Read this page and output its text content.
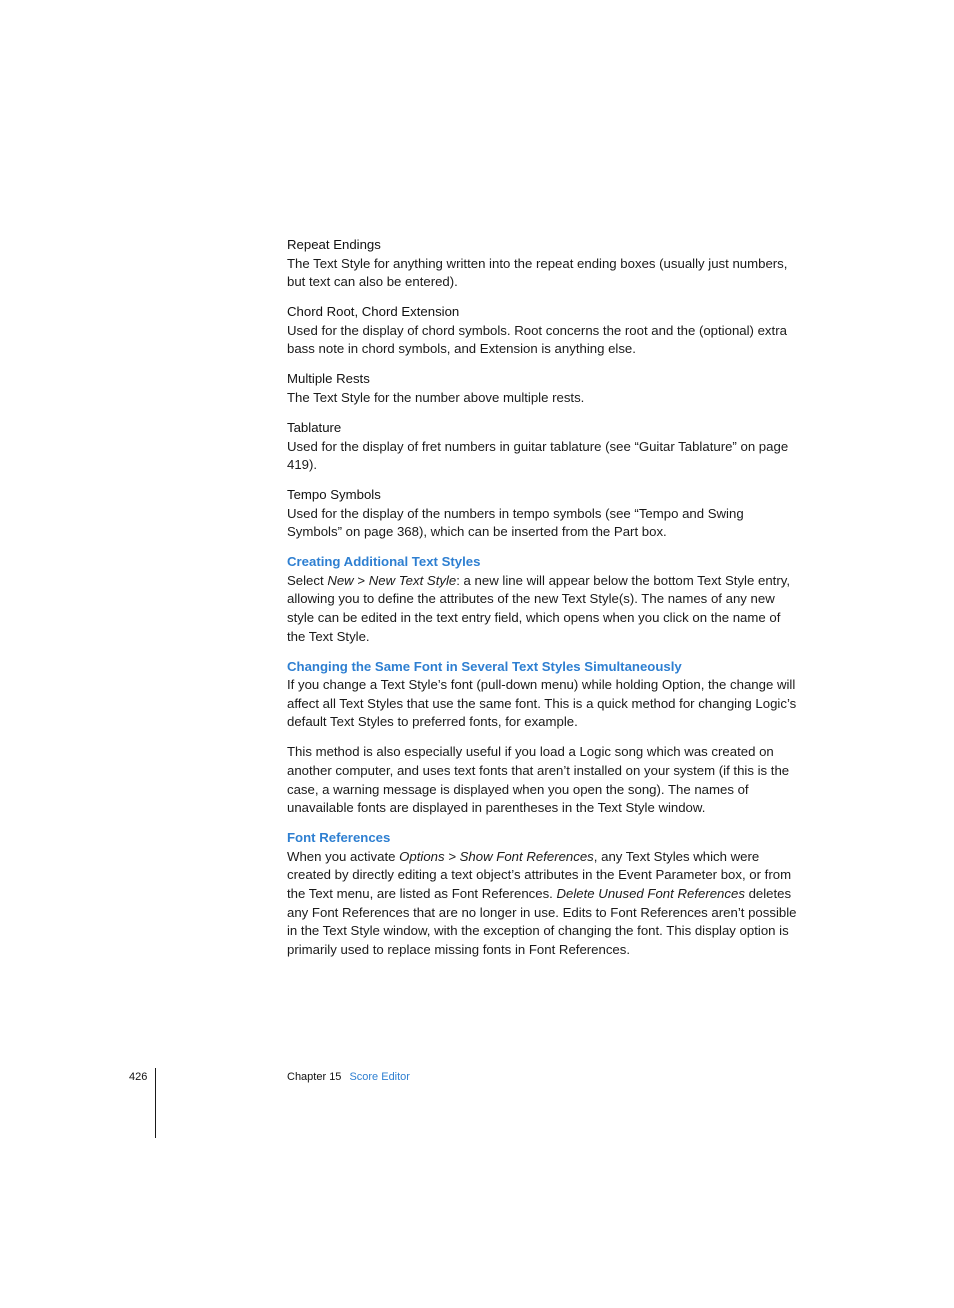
Repeat Endings

The Text Style for anything written into the repeat ending boxes (usually just numbers, but text can also be entered).

Chord Root, Chord Extension

Used for the display of chord symbols. Root concerns the root and the (optional) extra bass note in chord symbols, and Extension is anything else.

Multiple Rests

The Text Style for the number above multiple rests.

Tablature

Used for the display of fret numbers in guitar tablature (see “Guitar Tablature” on page 419).

Tempo Symbols

Used for the display of the numbers in tempo symbols (see “Tempo and Swing Symbols” on page 368), which can be inserted from the Part box.

Creating Additional Text Styles

Select New > New Text Style: a new line will appear below the bottom Text Style entry, allowing you to define the attributes of the new Text Style(s). The names of any new style can be edited in the text entry field, which opens when you click on the name of the Text Style.

Changing the Same Font in Several Text Styles Simultaneously

If you change a Text Style’s font (pull-down menu) while holding Option, the change will affect all Text Styles that use the same font. This is a quick method for changing Logic’s default Text Styles to preferred fonts, for example.

This method is also especially useful if you load a Logic song which was created on another computer, and uses text fonts that aren’t installed on your system (if this is the case, a warning message is displayed when you open the song). The names of unavailable fonts are displayed in parentheses in the Text Style window.

Font References

When you activate Options > Show Font References, any Text Styles which were created by directly editing a text object’s attributes in the Event Parameter box, or from the Text menu, are listed as Font References. Delete Unused Font References deletes any Font References that are no longer in use. Edits to Font References aren’t possible in the Text Style window, with the exception of changing the font. This display option is primarily used to replace missing fonts in Font References.

426	Chapter 15 Score Editor
